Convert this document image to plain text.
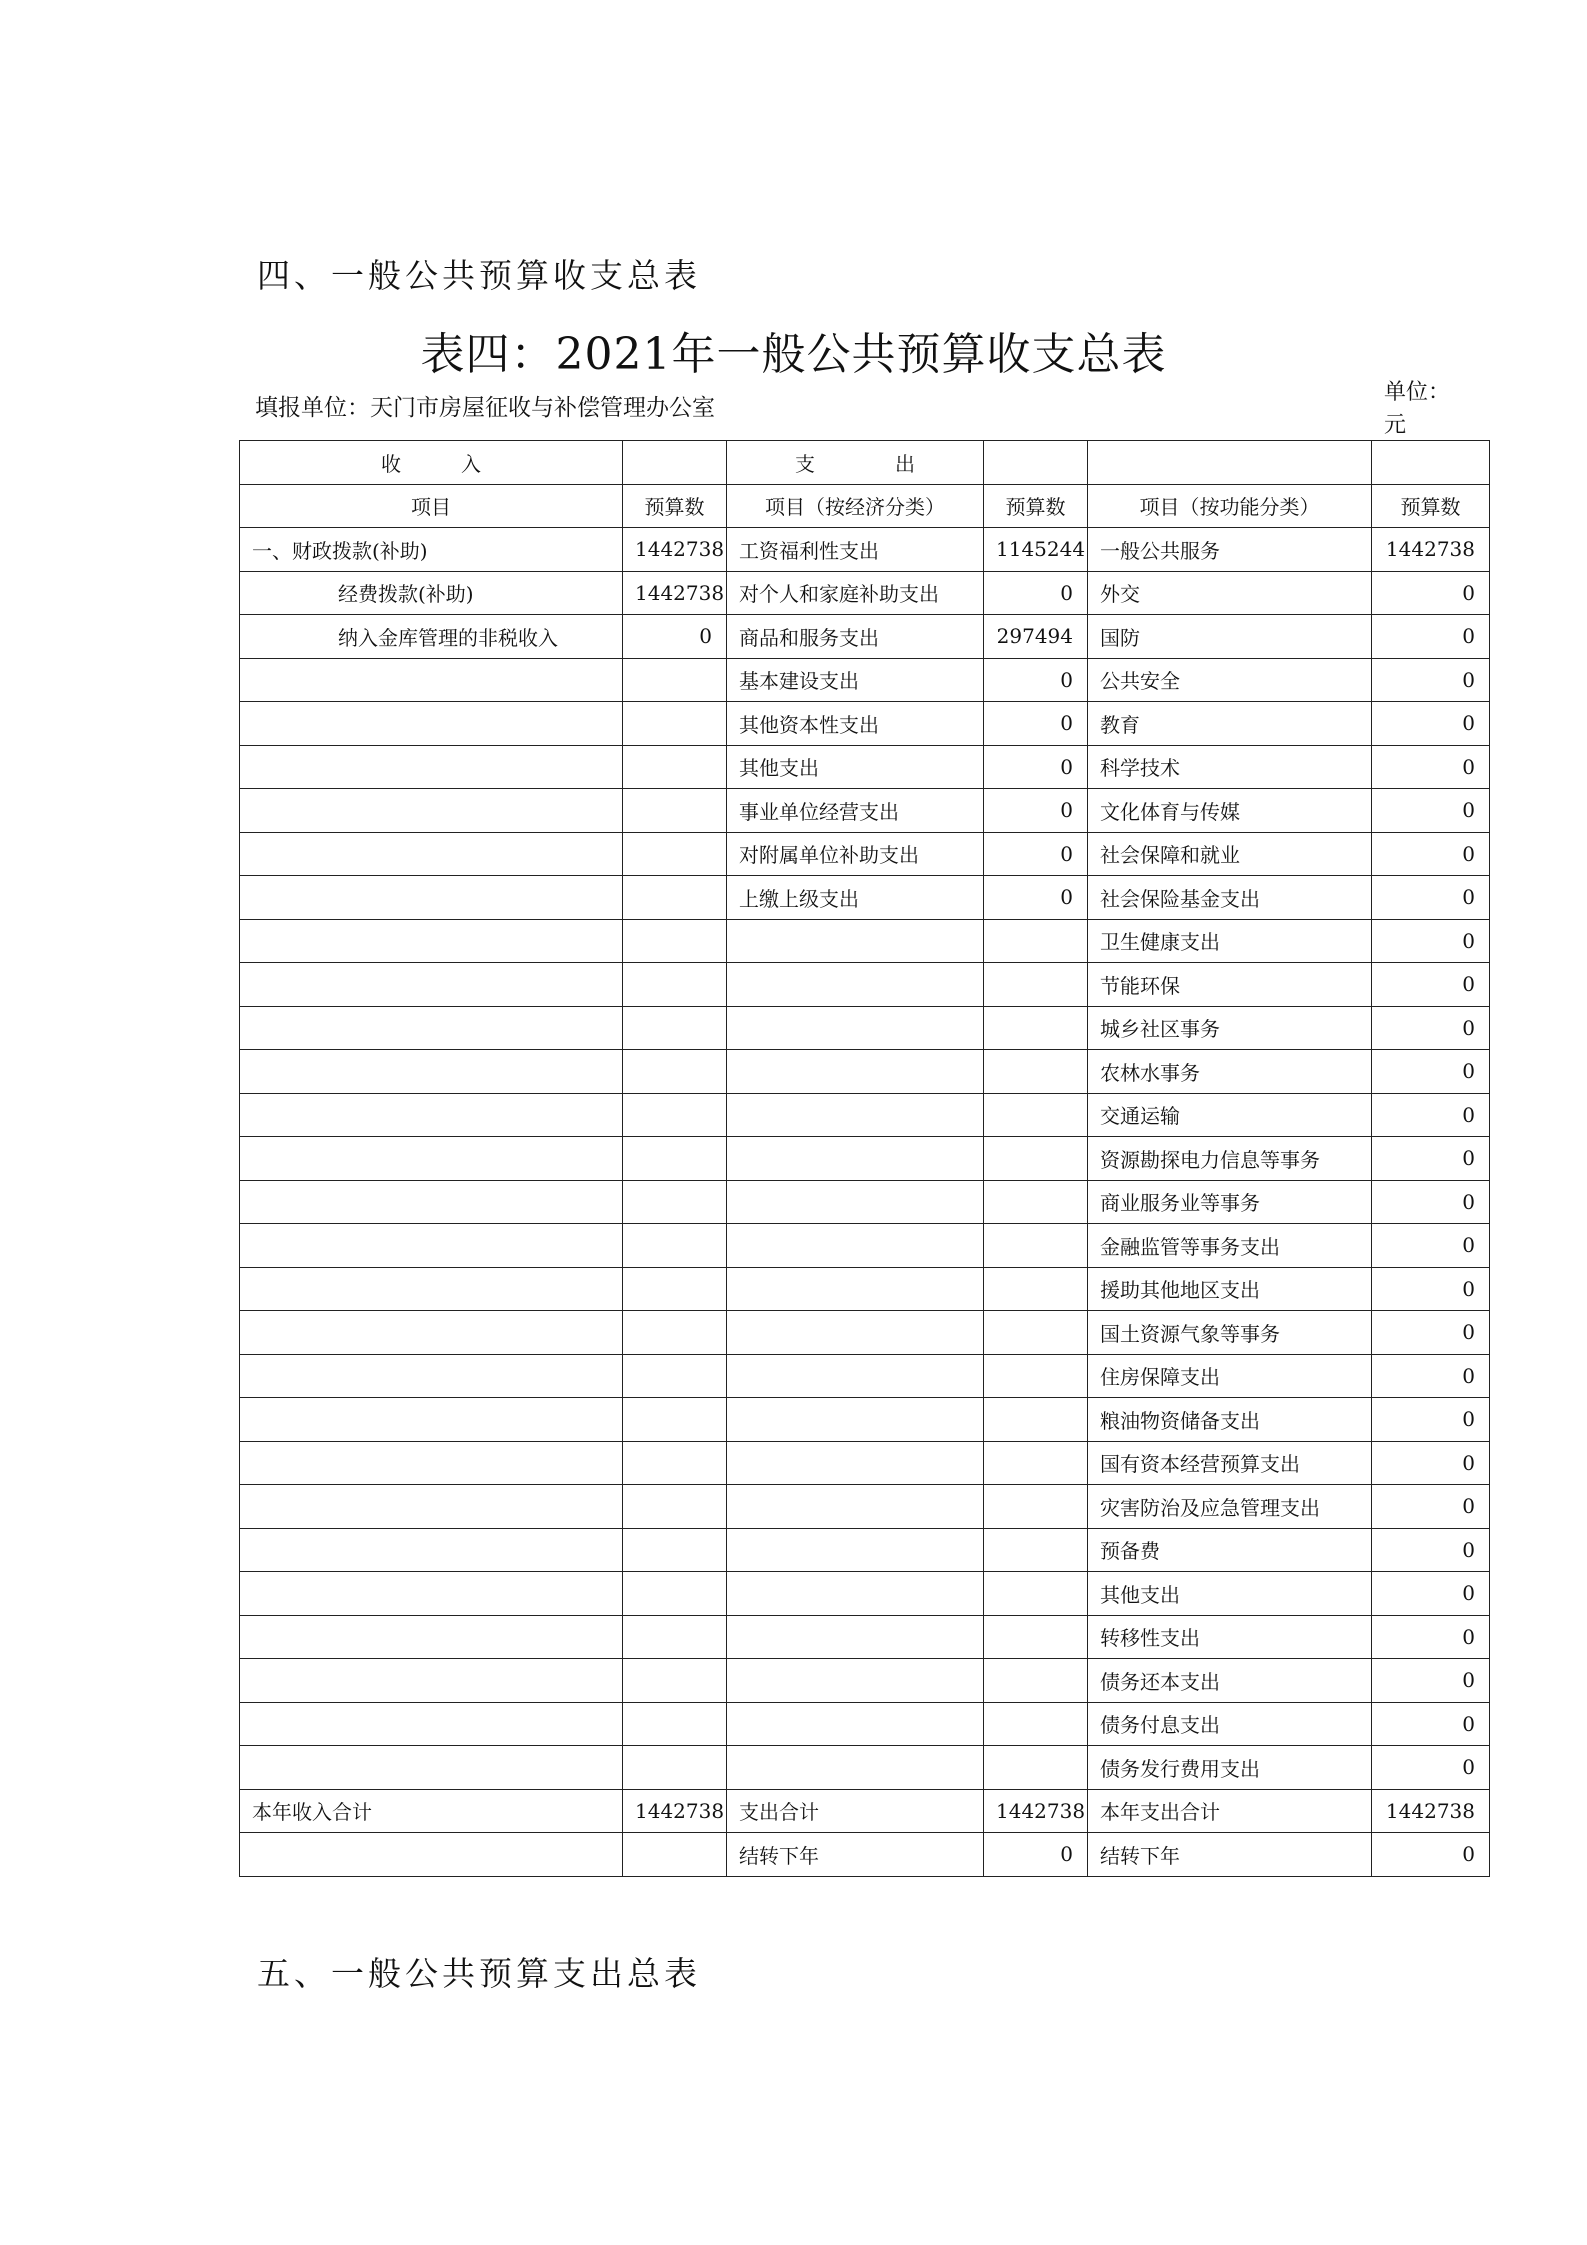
四、一般公共预算收支总表
表四：2021年一般公共预算收支总表
填报单位：天门市房屋征收与补偿管理办公室
单位：
元
收　　　入		支　　　　出			
项目	预算数	项目（按经济分类）	预算数	项目（按功能分类）	预算数
一、财政拨款(补助)	1442738	工资福利性支出	1145244	一般公共服务	1442738
经费拨款(补助)	1442738	对个人和家庭补助支出	0	外交	0
纳入金库管理的非税收入	0	商品和服务支出	297494	国防	0
		基本建设支出	0	公共安全	0
		其他资本性支出	0	教育	0
		其他支出	0	科学技术	0
		事业单位经营支出	0	文化体育与传媒	0
		对附属单位补助支出	0	社会保障和就业	0
		上缴上级支出	0	社会保险基金支出	0
				卫生健康支出	0
				节能环保	0
				城乡社区事务	0
				农林水事务	0
				交通运输	0
				资源勘探电力信息等事务	0
				商业服务业等事务	0
				金融监管等事务支出	0
				援助其他地区支出	0
				国土资源气象等事务	0
				住房保障支出	0
				粮油物资储备支出	0
				国有资本经营预算支出	0
				灾害防治及应急管理支出	0
				预备费	0
				其他支出	0
				转移性支出	0
				债务还本支出	0
				债务付息支出	0
				债务发行费用支出	0
本年收入合计	1442738	支出合计	1442738	本年支出合计	1442738
		结转下年	0	结转下年	0
五、一般公共预算支出总表
